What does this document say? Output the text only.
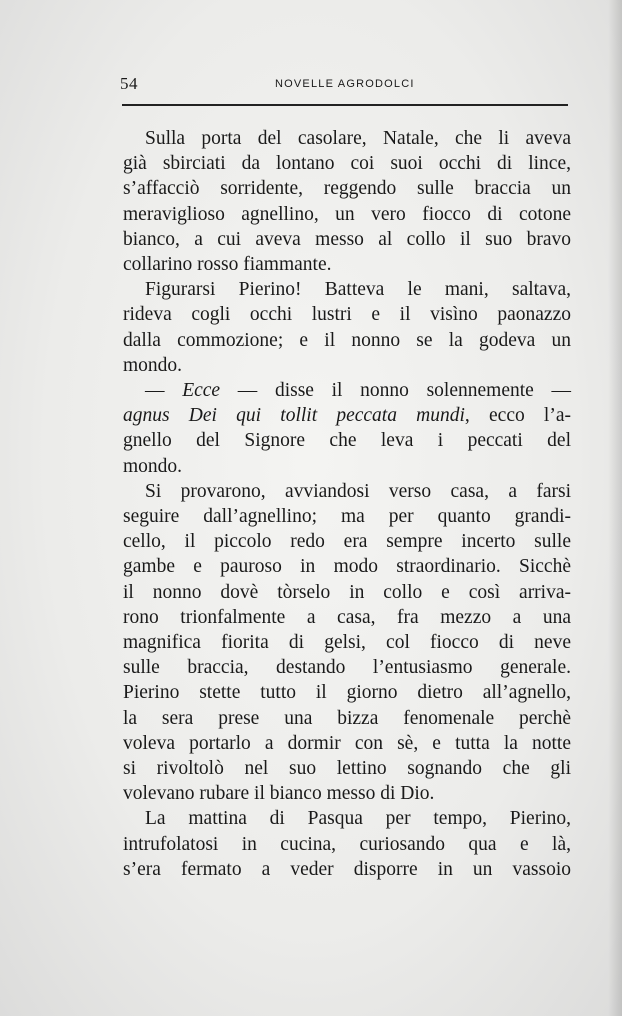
54	NOVELLE AGRODOLCI
Sulla porta del casolare, Natale, che li aveva
già sbirciati da lontano coi suoi occhi di lince,
s’affacciò sorridente, reggendo sulle braccia un
meraviglioso agnellino, un vero fiocco di cotone
bianco, a cui aveva messo al collo il suo bravo
collarino rosso fiammante.
Figurarsi Pierino! Batteva le mani, saltava,
rideva cogli occhi lustri e il visìno paonazzo
dalla commozione; e il nonno se la godeva un
mondo.
— Ecce — disse il nonno solennemente —
agnus Dei qui tollit peccata mundi, ecco l’a-
gnello del Signore che leva i peccati del
mondo.
Si provarono, avviandosi verso casa, a farsi
seguire dall’agnellino; ma per quanto grandi-
cello, il piccolo redo era sempre incerto sulle
gambe e pauroso in modo straordinario. Sicchè
il nonno dovè tòrselo in collo e così arriva-
rono trionfalmente a casa, fra mezzo a una
magnifica fiorita di gelsi, col fiocco di neve
sulle braccia, destando l’entusiasmo generale.
Pierino stette tutto il giorno dietro all’agnello,
la sera prese una bizza fenomenale perchè
voleva portarlo a dormir con sè, e tutta la notte
si rivoltolò nel suo lettino sognando che gli
volevano rubare il bianco messo di Dio.
La mattina di Pasqua per tempo, Pierino,
intrufolatosi in cucina, curiosando qua e là,
s’era fermato a veder disporre in un vassoio
